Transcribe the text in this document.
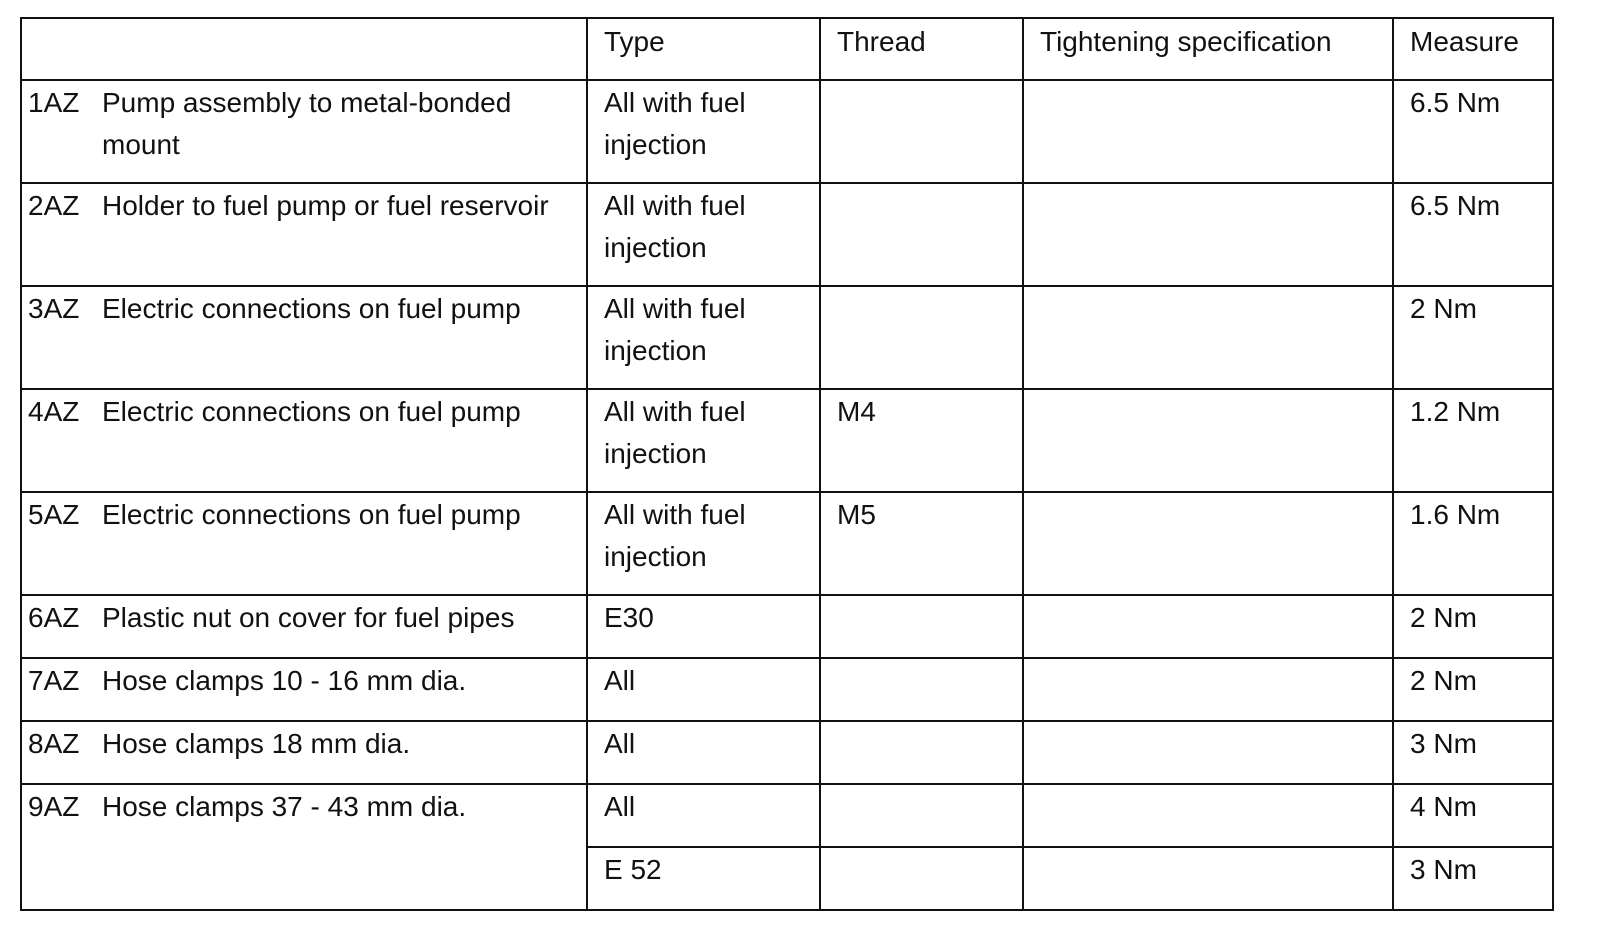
	Type	Thread	Tightening specification	Measure

1AZ Pump assembly to metal-bonded mount	All with fuel injection			6.5 Nm

2AZ Holder to fuel pump or fuel reservoir	All with fuel injection			6.5 Nm

3AZ Electric connections on fuel pump	All with fuel injection			2 Nm

4AZ Electric connections on fuel pump	All with fuel injection	M4		1.2 Nm

5AZ Electric connections on fuel pump	All with fuel injection	M5		1.6 Nm

6AZ Plastic nut on cover for fuel pipes	E30			2 Nm

7AZ Hose clamps 10 - 16 mm dia.	All			2 Nm

8AZ Hose clamps 18 mm dia.	All			3 Nm

9AZ Hose clamps 37 - 43 mm dia.	All			4 Nm
	E 52			3 Nm
